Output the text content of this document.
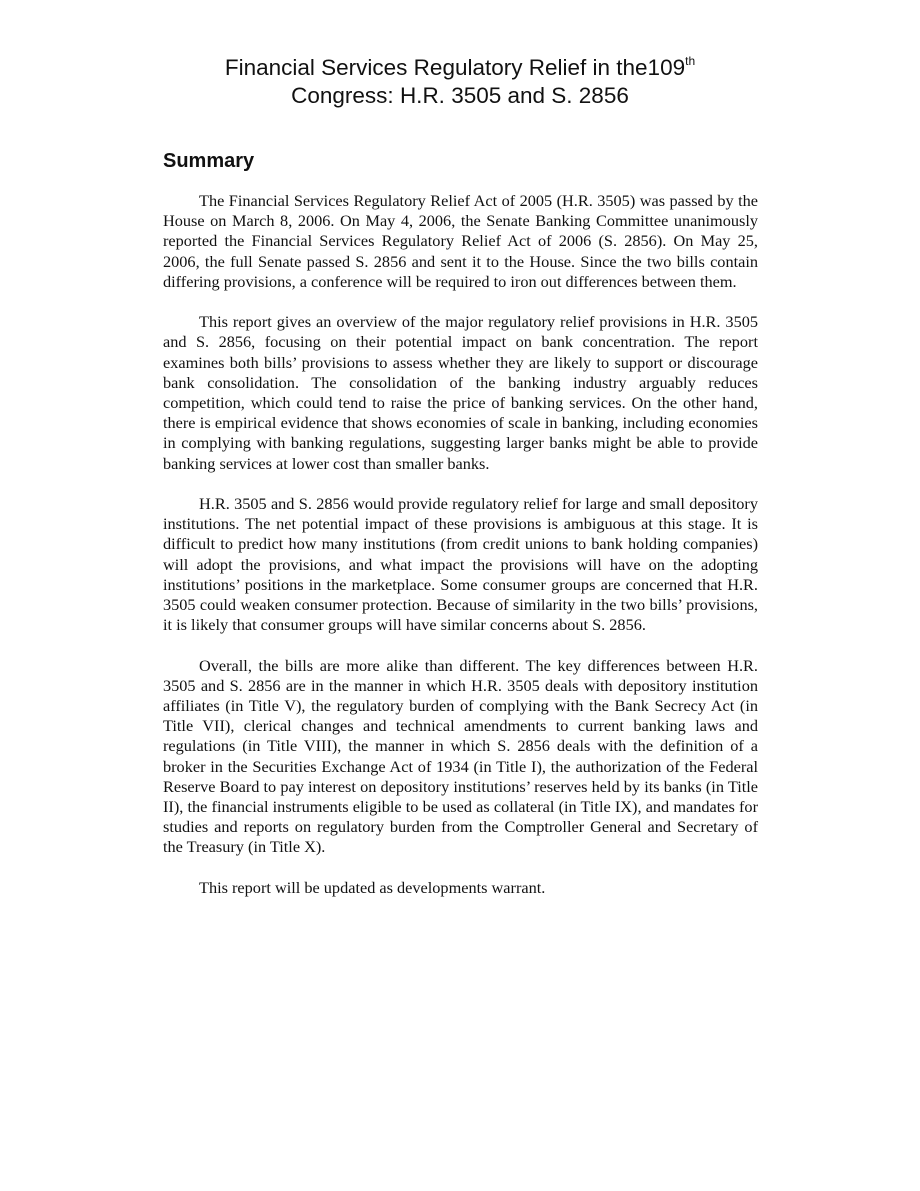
Financial Services Regulatory Relief in the109th
Congress: H.R. 3505 and S. 2856
Summary

The Financial Services Regulatory Relief Act of 2005 (H.R. 3505) was passed by the House on March 8, 2006. On May 4, 2006, the Senate Banking Committee unanimously reported the Financial Services Regulatory Relief Act of 2006 (S. 2856). On May 25, 2006, the full Senate passed S. 2856 and sent it to the House. Since the two bills contain differing provisions, a conference will be required to iron out differences between them.

This report gives an overview of the major regulatory relief provisions in H.R. 3505 and S. 2856, focusing on their potential impact on bank concentration. The report examines both bills’ provisions to assess whether they are likely to support or discourage bank consolidation. The consolidation of the banking industry arguably reduces competition, which could tend to raise the price of banking services. On the other hand, there is empirical evidence that shows economies of scale in banking, including economies in complying with banking regulations, suggesting larger banks might be able to provide banking services at lower cost than smaller banks.

H.R. 3505 and S. 2856 would provide regulatory relief for large and small depository institutions. The net potential impact of these provisions is ambiguous at this stage. It is difficult to predict how many institutions (from credit unions to bank holding companies) will adopt the provisions, and what impact the provisions will have on the adopting institutions’ positions in the marketplace. Some consumer groups are concerned that H.R. 3505 could weaken consumer protection. Because of similarity in the two bills’ provisions, it is likely that consumer groups will have similar concerns about S. 2856.

Overall, the bills are more alike than different. The key differences between H.R. 3505 and S. 2856 are in the manner in which H.R. 3505 deals with depository institution affiliates (in Title V), the regulatory burden of complying with the Bank Secrecy Act (in Title VII), clerical changes and technical amendments to current banking laws and regulations (in Title VIII), the manner in which S. 2856 deals with the definition of a broker in the Securities Exchange Act of 1934 (in Title I), the authorization of the Federal Reserve Board to pay interest on depository institutions’ reserves held by its banks (in Title II), the financial instruments eligible to be used as collateral (in Title IX), and mandates for studies and reports on regulatory burden from the Comptroller General and Secretary of the Treasury (in Title X).

This report will be updated as developments warrant.
